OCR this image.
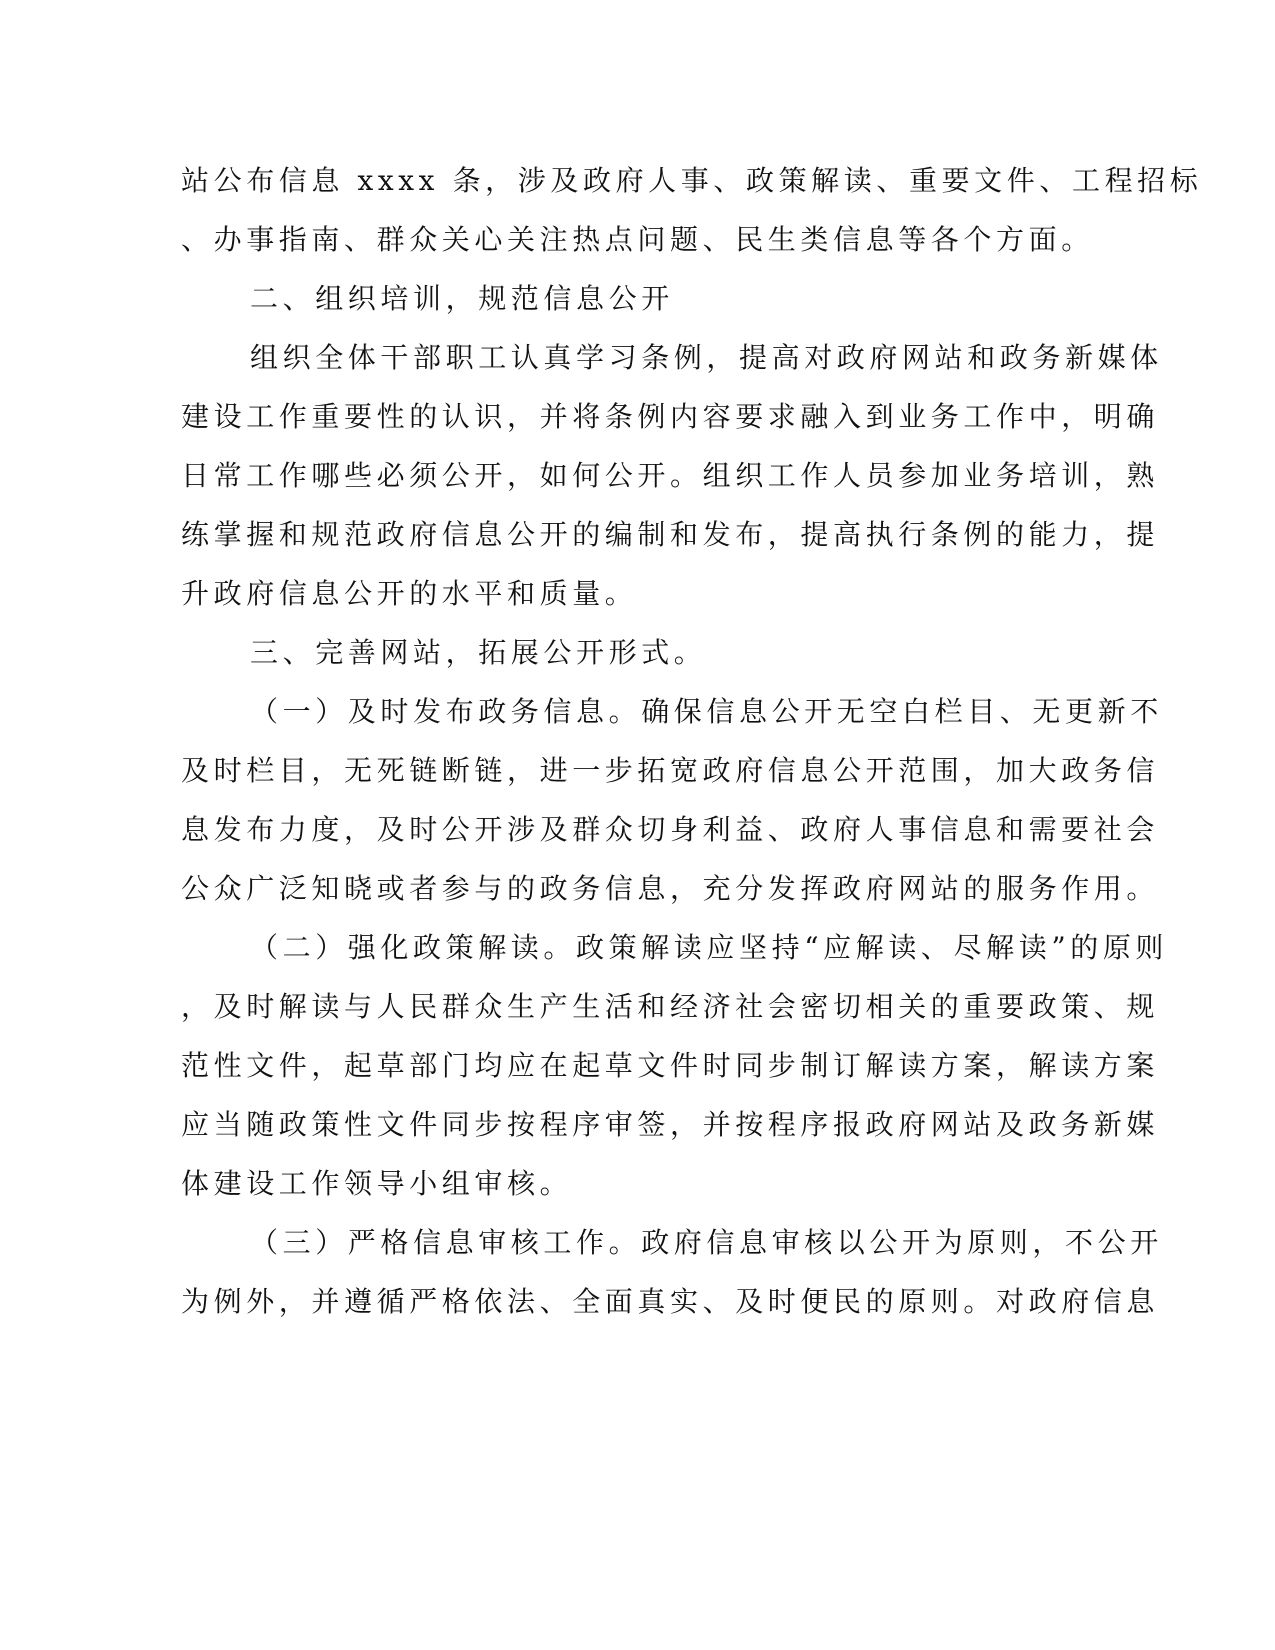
站公布信息 xxxx 条，涉及政府人事、政策解读、重要文件、工程招标

、办事指南、群众关心关注热点问题、民生类信息等各个方面。

二、组织培训，规范信息公开

组织全体干部职工认真学习条例，提高对政府网站和政务新媒体

建设工作重要性的认识，并将条例内容要求融入到业务工作中，明确

日常工作哪些必须公开，如何公开。组织工作人员参加业务培训，熟

练掌握和规范政府信息公开的编制和发布，提高执行条例的能力，提

升政府信息公开的水平和质量。

三、完善网站，拓展公开形式。

（一）及时发布政务信息。确保信息公开无空白栏目、无更新不

及时栏目，无死链断链，进一步拓宽政府信息公开范围，加大政务信

息发布力度，及时公开涉及群众切身利益、政府人事信息和需要社会

公众广泛知晓或者参与的政务信息，充分发挥政府网站的服务作用。

（二）强化政策解读。政策解读应坚持“应解读、尽解读”的原则

，及时解读与人民群众生产生活和经济社会密切相关的重要政策、规

范性文件，起草部门均应在起草文件时同步制订解读方案，解读方案

应当随政策性文件同步按程序审签，并按程序报政府网站及政务新媒

体建设工作领导小组审核。

（三）严格信息审核工作。政府信息审核以公开为原则，不公开

为例外，并遵循严格依法、全面真实、及时便民的原则。对政府信息
